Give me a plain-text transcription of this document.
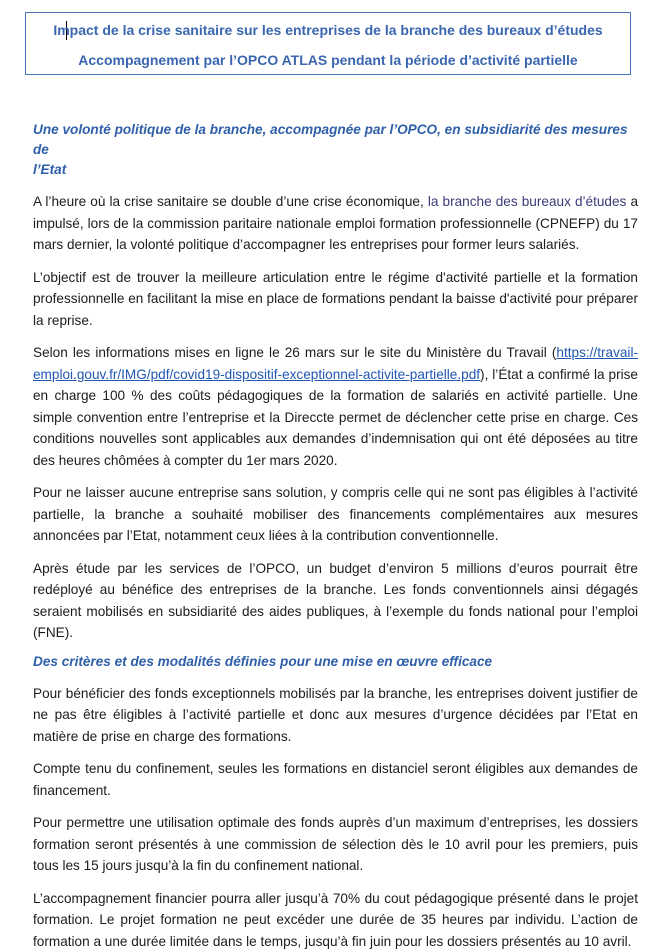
Impact de la crise sanitaire sur les entreprises de la branche des bureaux d’études
Accompagnement par l’OPCO ATLAS pendant la période d’activité partielle

Une volonté politique de la branche, accompagnée par l’OPCO, en subsidiarité des mesures de
l’Etat

A l’heure où la crise sanitaire se double d’une crise économique, la branche des bureaux d’études a impulsé, lors de la commission paritaire nationale emploi formation professionnelle (CPNEFP) du 17 mars dernier, la volonté politique d’accompagner les entreprises pour former leurs salariés.

L’objectif est de trouver la meilleure articulation entre le régime d'activité partielle et la formation professionnelle en facilitant la mise en place de formations pendant la baisse d'activité pour préparer la reprise.

Selon les informations mises en ligne le 26 mars sur le site du Ministère du Travail (https://travail-emploi.gouv.fr/IMG/pdf/covid19-dispositif-exceptionnel-activite-partielle.pdf), l’État a confirmé la prise en charge 100 % des coûts pédagogiques de la formation de salariés en activité partielle. Une simple convention entre l’entreprise et la Direccte permet de déclencher cette prise en charge. Ces conditions nouvelles sont applicables aux demandes d’indemnisation qui ont été déposées au titre des heures chômées à compter du 1er mars 2020.

Pour ne laisser aucune entreprise sans solution, y compris celle qui ne sont pas éligibles à l’activité partielle, la branche a souhaité mobiliser des financements complémentaires aux mesures annoncées par l’Etat, notamment ceux liées à la contribution conventionnelle.

Après étude par les services de l’OPCO, un budget d’environ 5 millions d’euros pourrait être redéployé au bénéfice des entreprises de la branche. Les fonds conventionnels ainsi dégagés seraient mobilisés en subsidiarité des aides publiques, à l’exemple du fonds national pour l’emploi (FNE).

Des critères et des modalités définies pour une mise en œuvre efficace

Pour bénéficier des fonds exceptionnels mobilisés par la branche, les entreprises doivent justifier de ne pas être éligibles à l’activité partielle et donc aux mesures d’urgence décidées par l’Etat en matière de prise en charge des formations.

Compte tenu du confinement, seules les formations en distanciel seront éligibles aux demandes de financement.

Pour permettre une utilisation optimale des fonds auprès d’un maximum d’entreprises, les dossiers formation seront présentés à une commission de sélection dès le 10 avril pour les premiers, puis tous les 15 jours jusqu’à la fin du confinement national.

L’accompagnement financier pourra aller jusqu’à 70% du cout pédagogique présenté dans le projet formation. Le projet formation ne peut excéder une durée de 35 heures par individu. L’action de formation a une durée limitée dans le temps, jusqu’à fin juin pour les dossiers présentés au 10 avril.
